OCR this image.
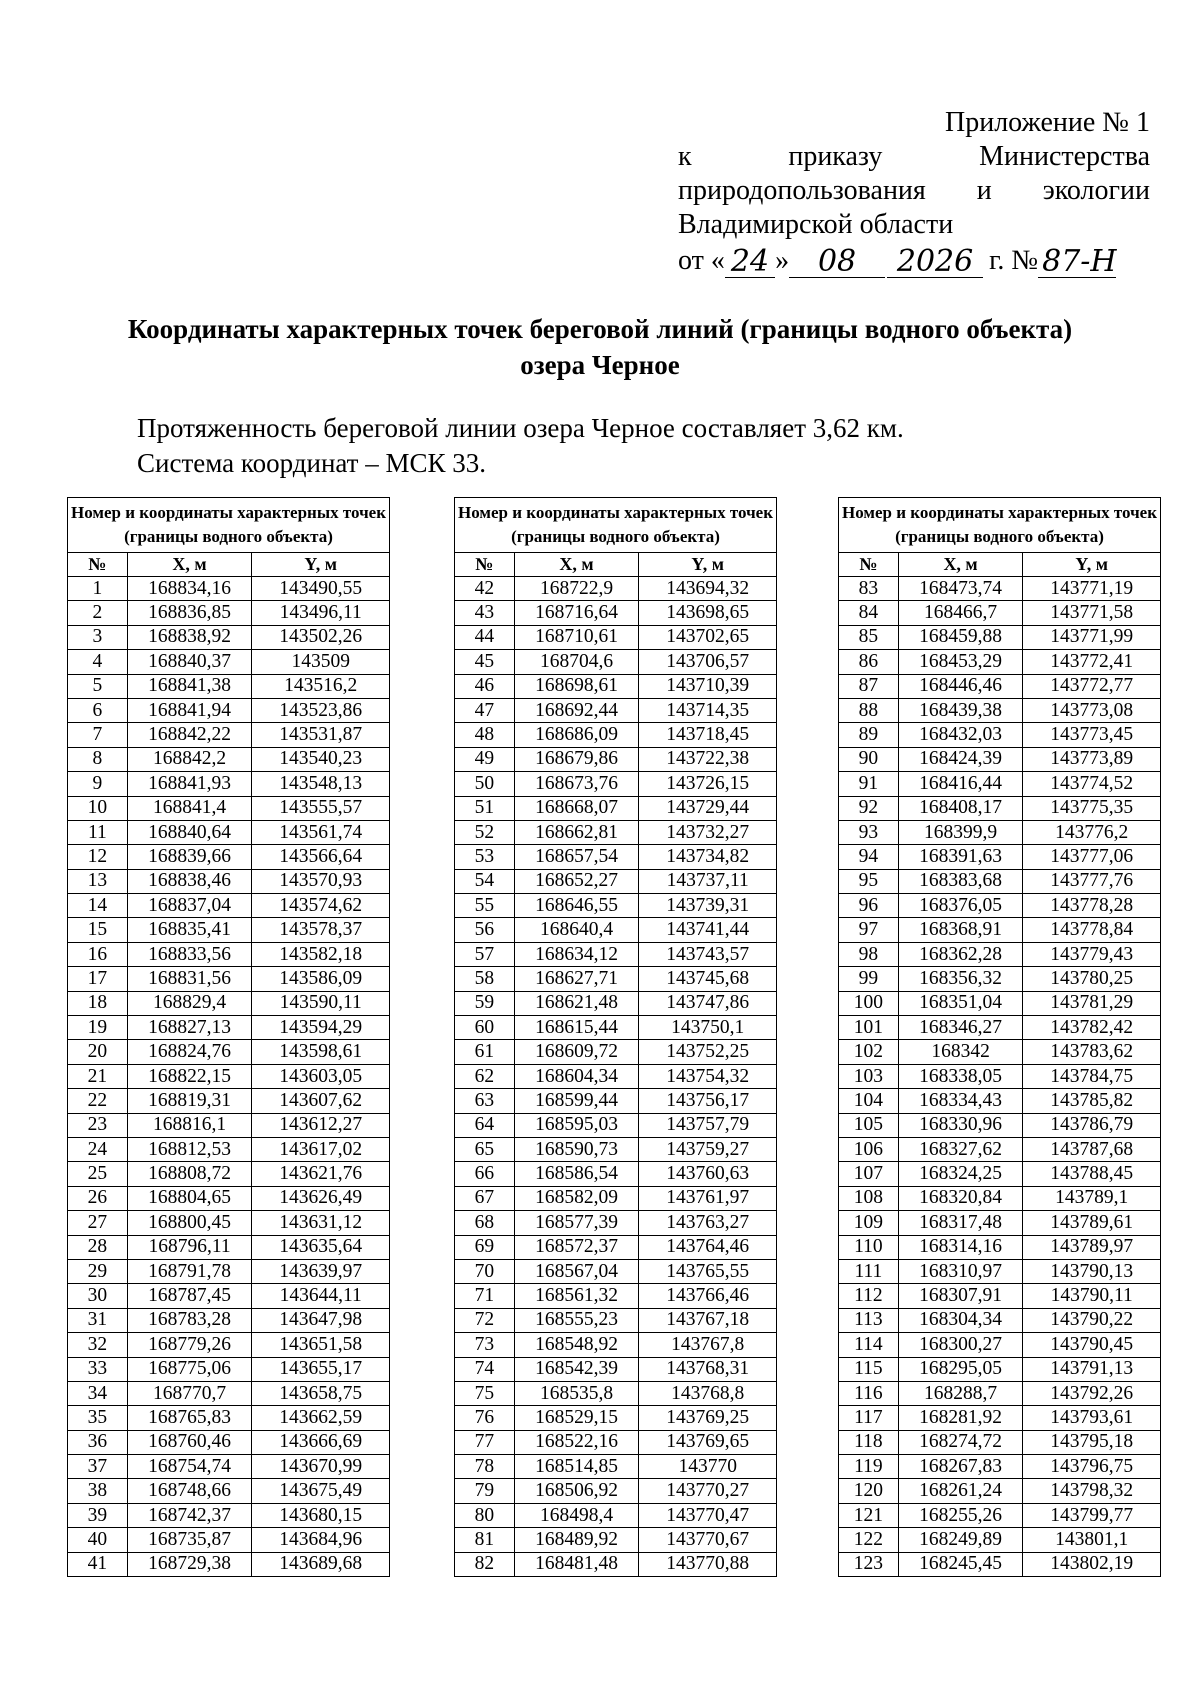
Приложение № 1
к	приказу	Министерства
природопользования и экологии
Владимирской области
от « 24 » 08	2026 г. № 87-Н
Координаты характерных точек береговой линий (границы водного объекта)
озера Черное
Протяженность береговой линии озера Черное составляет 3,62 км.
Система координат – МСК 33.
Номер и координаты характерных точек (границы водного объекта)		
№	X, м	Y, м
1	168834,16	143490,55
2	168836,85	143496,11
3	168838,92	143502,26
4	168840,37	143509
5	168841,38	143516,2
6	168841,94	143523,86
7	168842,22	143531,87
8	168842,2	143540,23
9	168841,93	143548,13
10	168841,4	143555,57
11	168840,64	143561,74
12	168839,66	143566,64
13	168838,46	143570,93
14	168837,04	143574,62
15	168835,41	143578,37
16	168833,56	143582,18
17	168831,56	143586,09
18	168829,4	143590,11
19	168827,13	143594,29
20	168824,76	143598,61
21	168822,15	143603,05
22	168819,31	143607,62
23	168816,1	143612,27
24	168812,53	143617,02
25	168808,72	143621,76
26	168804,65	143626,49
27	168800,45	143631,12
28	168796,11	143635,64
29	168791,78	143639,97
30	168787,45	143644,11
31	168783,28	143647,98
32	168779,26	143651,58
33	168775,06	143655,17
34	168770,7	143658,75
35	168765,83	143662,59
36	168760,46	143666,69
37	168754,74	143670,99
38	168748,66	143675,49
39	168742,37	143680,15
40	168735,87	143684,96
41	168729,38	143689,68
Номер и координаты характерных точек (границы водного объекта)		
№	X, м	Y, м
42	168722,9	143694,32
43	168716,64	143698,65
44	168710,61	143702,65
45	168704,6	143706,57
46	168698,61	143710,39
47	168692,44	143714,35
48	168686,09	143718,45
49	168679,86	143722,38
50	168673,76	143726,15
51	168668,07	143729,44
52	168662,81	143732,27
53	168657,54	143734,82
54	168652,27	143737,11
55	168646,55	143739,31
56	168640,4	143741,44
57	168634,12	143743,57
58	168627,71	143745,68
59	168621,48	143747,86
60	168615,44	143750,1
61	168609,72	143752,25
62	168604,34	143754,32
63	168599,44	143756,17
64	168595,03	143757,79
65	168590,73	143759,27
66	168586,54	143760,63
67	168582,09	143761,97
68	168577,39	143763,27
69	168572,37	143764,46
70	168567,04	143765,55
71	168561,32	143766,46
72	168555,23	143767,18
73	168548,92	143767,8
74	168542,39	143768,31
75	168535,8	143768,8
76	168529,15	143769,25
77	168522,16	143769,65
78	168514,85	143770
79	168506,92	143770,27
80	168498,4	143770,47
81	168489,92	143770,67
82	168481,48	143770,88
Номер и координаты характерных точек (границы водного объекта)		
№	X, м	Y, м
83	168473,74	143771,19
84	168466,7	143771,58
85	168459,88	143771,99
86	168453,29	143772,41
87	168446,46	143772,77
88	168439,38	143773,08
89	168432,03	143773,45
90	168424,39	143773,89
91	168416,44	143774,52
92	168408,17	143775,35
93	168399,9	143776,2
94	168391,63	143777,06
95	168383,68	143777,76
96	168376,05	143778,28
97	168368,91	143778,84
98	168362,28	143779,43
99	168356,32	143780,25
100	168351,04	143781,29
101	168346,27	143782,42
102	168342	143783,62
103	168338,05	143784,75
104	168334,43	143785,82
105	168330,96	143786,79
106	168327,62	143787,68
107	168324,25	143788,45
108	168320,84	143789,1
109	168317,48	143789,61
110	168314,16	143789,97
111	168310,97	143790,13
112	168307,91	143790,11
113	168304,34	143790,22
114	168300,27	143790,45
115	168295,05	143791,13
116	168288,7	143792,26
117	168281,92	143793,61
118	168274,72	143795,18
119	168267,83	143796,75
120	168261,24	143798,32
121	168255,26	143799,77
122	168249,89	143801,1
123	168245,45	143802,19
